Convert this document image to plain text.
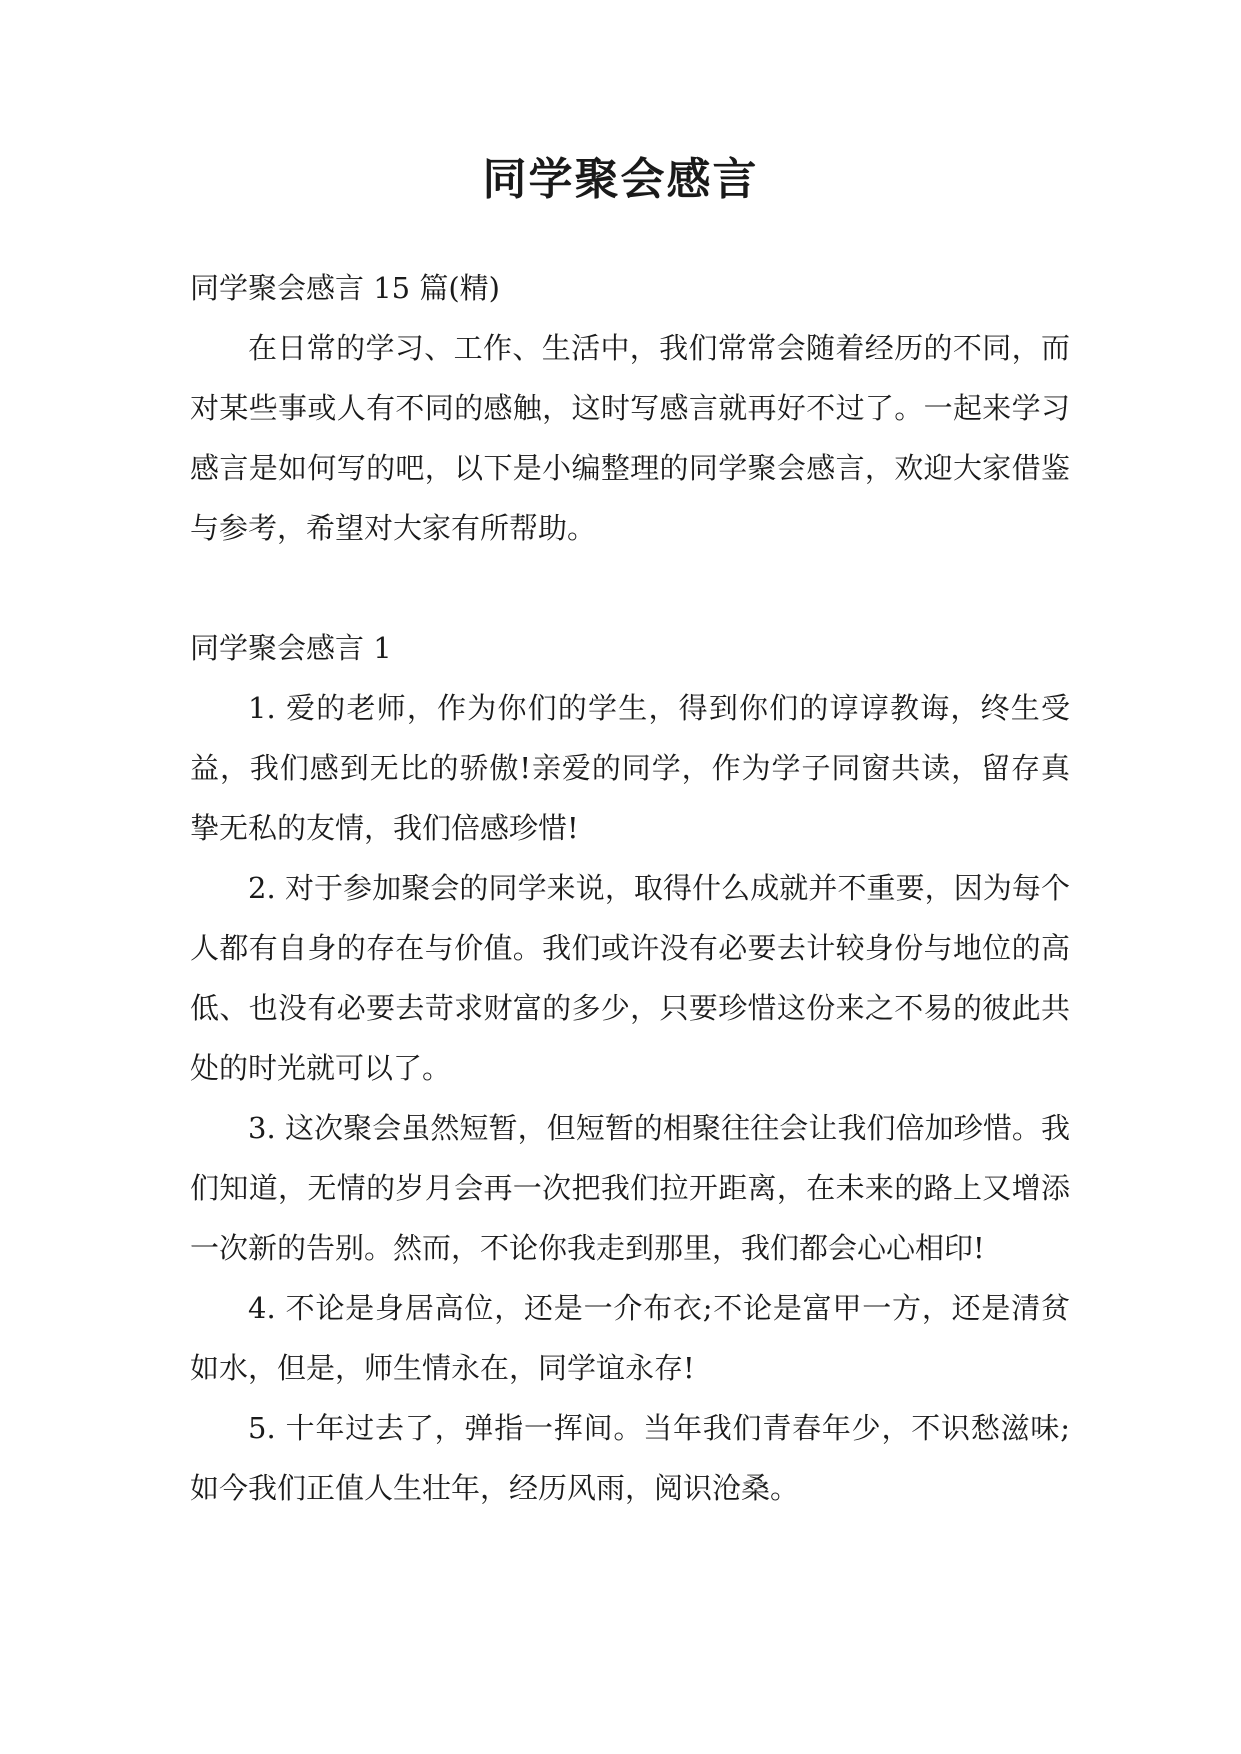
同学聚会感言

同学聚会感言 15 篇(精)

在日常的学习、工作、生活中，我们常常会随着经历的不同，而对某些事或人有不同的感触，这时写感言就再好不过了。一起来学习感言是如何写的吧，以下是小编整理的同学聚会感言，欢迎大家借鉴与参考，希望对大家有所帮助。

同学聚会感言 1

1. 爱的老师，作为你们的学生，得到你们的谆谆教诲，终生受益，我们感到无比的骄傲!亲爱的同学，作为学子同窗共读，留存真挚无私的友情，我们倍感珍惜!

2. 对于参加聚会的同学来说，取得什么成就并不重要，因为每个人都有自身的存在与价值。我们或许没有必要去计较身份与地位的高低、也没有必要去苛求财富的多少，只要珍惜这份来之不易的彼此共处的时光就可以了。

3. 这次聚会虽然短暂，但短暂的相聚往往会让我们倍加珍惜。我们知道，无情的岁月会再一次把我们拉开距离，在未来的路上又增添一次新的告别。然而，不论你我走到那里，我们都会心心相印!

4. 不论是身居高位，还是一介布衣;不论是富甲一方，还是清贫如水，但是，师生情永在，同学谊永存!

5. 十年过去了，弹指一挥间。当年我们青春年少，不识愁滋味;如今我们正值人生壮年，经历风雨，阅识沧桑。
